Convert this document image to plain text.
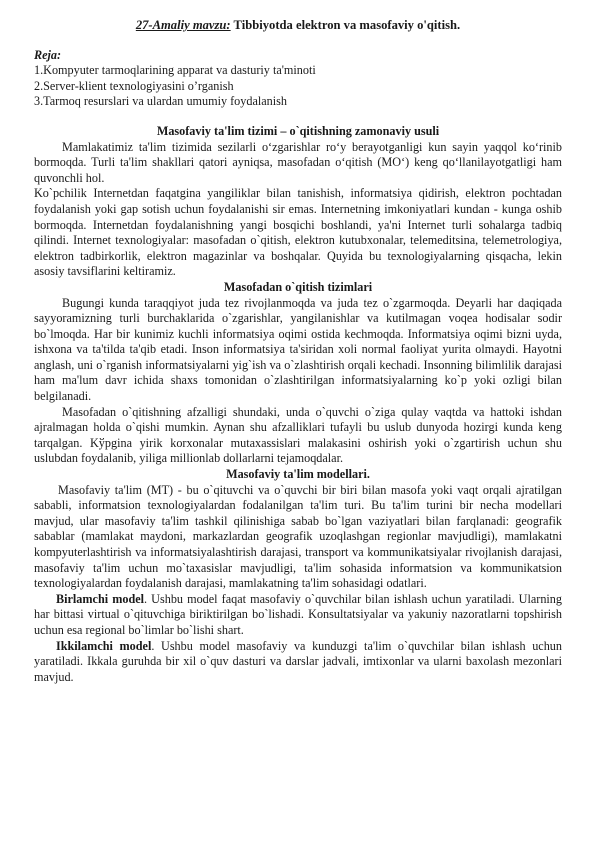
27-Amaliy mavzu: Tibbiyotda elektron va masofaviy o'qitish.
Reja:
1.Kompyuter tarmoqlarining apparat va dasturiy ta'minoti
2.Server-klient texnologiyasini o’rganish
3.Tarmoq resurslari va ulardan umumiy foydalanish
Masofaviy ta'lim tizimi – o`qitishning zamonaviy usuli

Mamlakatimiz ta'lim tizimida sezilarli o‘zgarishlar ro‘y berayotganligi kun sayin yaqqol ko‘rinib bormoqda. Turli ta'lim shakllari qatori ayniqsa, masofadan o‘qitish (MO‘) keng qo‘llanilayotgatligi ham quvonchli hol.

Ko`pchilik Internetdan faqatgina yangiliklar bilan tanishish, informatsiya qidirish, elektron pochtadan foydalanish yoki gap sotish uchun foydalanishi sir emas. Internetning imkoniyatlari kundan - kunga oshib bormoqda. Internetdan foydalanishning yangi bosqichi boshlandi, ya'ni Internet turli sohalarga tadbiq qilindi. Internet texnologiyalar: masofadan o`qitish, elektron kutubxonalar, telemeditsina, telemetrologiya, elektron tadbirkorlik, elektron magazinlar va boshqalar. Quyida bu texnologiyalarning qisqacha, lekin asosiy tavsiflarini keltiramiz.

Masofadan o`qitish tizimlari

Bugungi kunda taraqqiyot juda tez rivojlanmoqda va juda tez o`zgarmoqda. Deyarli har daqiqada sayyoramizning turli burchaklarida o`zgarishlar, yangilanishlar va kutilmagan voqea hodisalar sodir bo`lmoqda. Har bir kunimiz kuchli informatsiya oqimi ostida kechmoqda. Informatsiya oqimi bizni uyda, ishxona va ta'tilda ta'qib etadi. Inson informatsiya ta'siridan xoli normal faoliyat yurita olmaydi. Hayotni anglash, uni o`rganish informatsiyalarni yig`ish va o`zlashtirish orqali kechadi. Insonning bilimlilik darajasi ham ma'lum davr ichida shaxs tomonidan o`zlashtirilgan informatsiyalarning ko`p yoki ozligi bilan belgilanadi.

Masofadan o`qitishning afzalligi shundaki, unda o`quvchi o`ziga qulay vaqtda va hattoki ishdan ajralmagan holda o`qishi mumkin. Aynan shu afzalliklari tufayli bu uslub dunyoda hozirgi kunda keng tarqalgan. Kўpgina yirik korxonalar mutaxassislari malakasini oshirish yoki o`zgartirish uchun shu uslubdan foydalanib, yiliga millionlab dollarlarni tejamoqdalar.

Masofaviy ta'lim modellari.

Masofaviy ta'lim (MT) - bu o`qituvchi va o`quvchi bir biri bilan masofa yoki vaqt orqali ajratilgan sababli, informatsion texnologiyalardan fodalanilgan ta'lim turi. Bu ta'lim turini bir necha modellari mavjud, ular masofaviy ta'lim tashkil qilinishiga sabab bo`lgan vaziyatlari bilan farqlanadi: geografik sabablar (mamlakat maydoni, markazlardan geografik uzoqlashgan regionlar mavjudligi), mamlakatni kompyuterlashtirish va informatsiyalashtirish darajasi, transport va kommunikatsiyalar rivojlanish darajasi, masofaviy ta'lim uchun mo`taxasislar mavjudligi, ta'lim sohasida informatsion va kommunikatsion texnologiyalardan foydalanish darajasi, mamlakatning ta'lim sohasidagi odatlari.

Birlamchi model. Ushbu model faqat masofaviy o`quvchilar bilan ishlash uchun yaratiladi. Ularning har bittasi virtual o`qituvchiga biriktirilgan bo`lishadi. Konsultatsiyalar va yakuniy nazoratlarni topshirish uchun esa regional bo`limlar bo`lishi shart.

Ikkilamchi model. Ushbu model masofaviy va kunduzgi ta'lim o`quvchilar bilan ishlash uchun yaratiladi. Ikkala guruhda bir xil o`quv dasturi va darslar jadvali, imtixonlar va ularni baxolash mezonlari mavjud.
